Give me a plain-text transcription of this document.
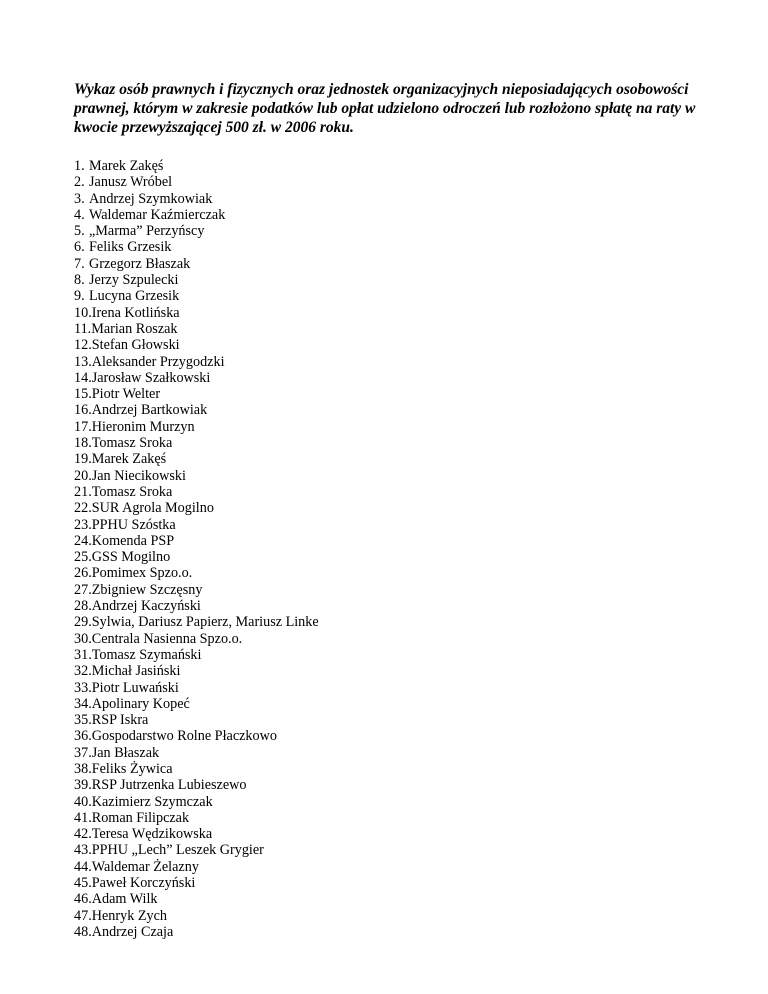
Wykaz osób prawnych i fizycznych oraz jednostek organizacyjnych nieposiadających osobowości prawnej, którym w zakresie podatków lub opłat udzielono odroczeń lub rozłożono spłatę na raty w kwocie przewyższającej 500 zł. w 2006 roku.

1. Marek Zakęś
2. Janusz Wróbel
3. Andrzej Szymkowiak
4. Waldemar Kaźmierczak
5. „Marma” Perzyńscy
6. Feliks Grzesik
7. Grzegorz Błaszak
8. Jerzy Szpulecki
9. Lucyna Grzesik
10. Irena Kotlińska
11. Marian Roszak
12. Stefan Głowski
13. Aleksander Przygodzki
14. Jarosław Szałkowski
15. Piotr Welter
16. Andrzej Bartkowiak
17. Hieronim Murzyn
18. Tomasz Sroka
19. Marek Zakęś
20. Jan Niecikowski
21. Tomasz Sroka
22. SUR Agrola Mogilno
23. PPHU Szóstka
24. Komenda PSP
25. GSS Mogilno
26. Pomimex Spzo.o.
27. Zbigniew Szczęsny
28. Andrzej Kaczyński
29. Sylwia, Dariusz Papierz, Mariusz Linke
30. Centrala Nasienna Spzo.o.
31. Tomasz Szymański
32. Michał Jasiński
33. Piotr Luwański
34. Apolinary Kopeć
35. RSP Iskra
36. Gospodarstwo Rolne Płaczkowo
37. Jan Błaszak
38. Feliks Żywica
39. RSP Jutrzenka Lubieszewo
40. Kazimierz Szymczak
41. Roman Filipczak
42. Teresa Wędzikowska
43. PPHU „Lech” Leszek Grygier
44. Waldemar Żelazny
45. Paweł Korczyński
46. Adam Wilk
47. Henryk Zych
48. Andrzej Czaja
